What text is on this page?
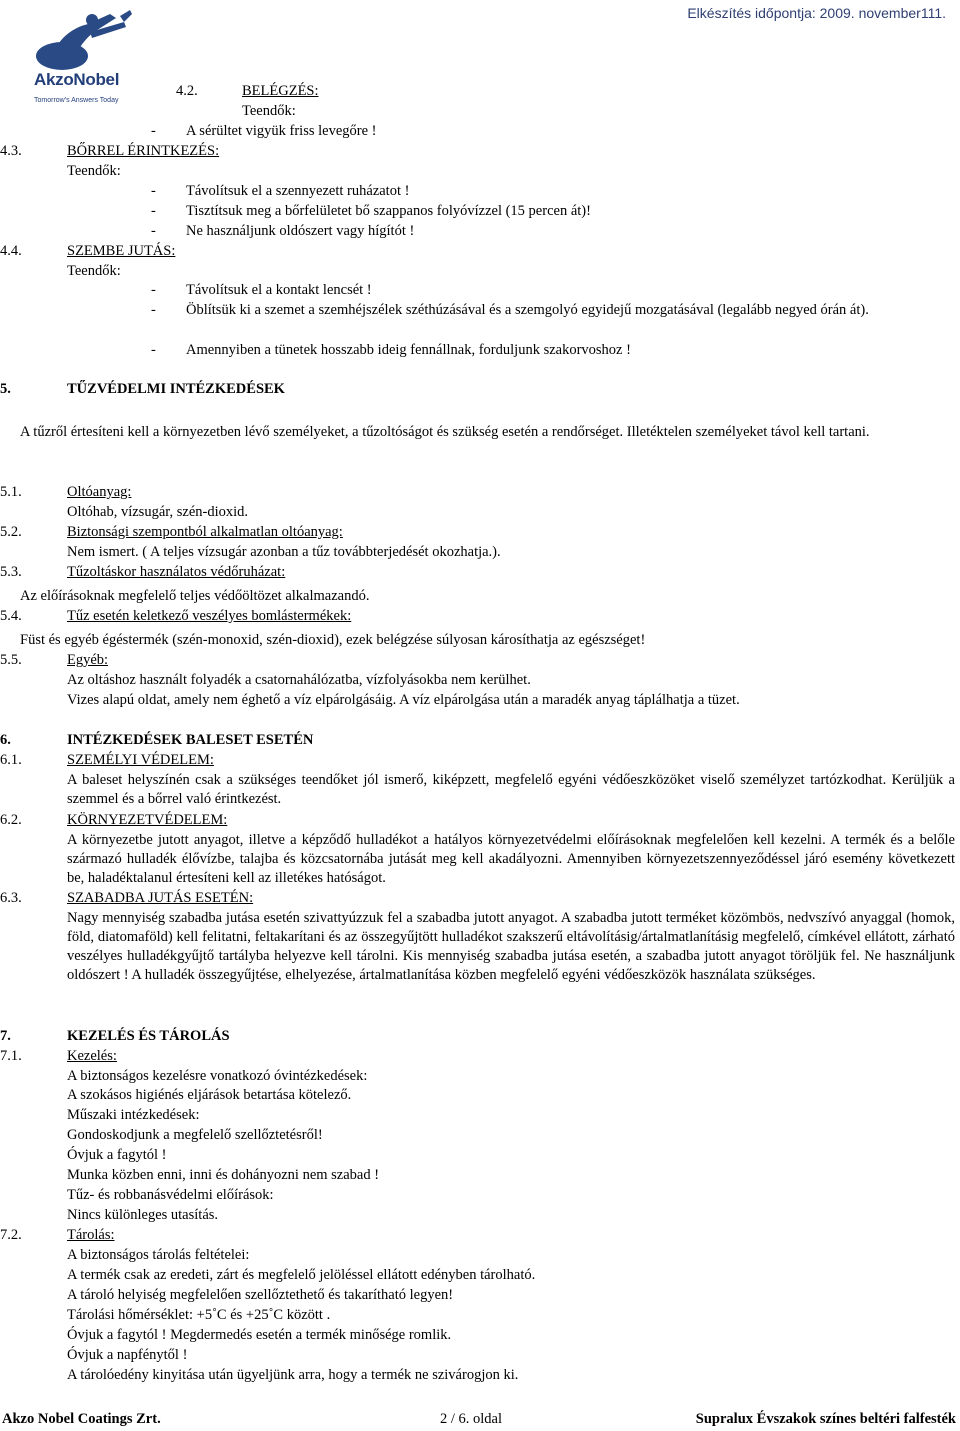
Elkészítés időpontja: 2009. november111.
AkzoNobel
Tomorrow's Answers Today
4.2.	BELÉGZÉS:
Teendők:
- A sérültet vigyük friss levegőre !
4.3.	BŐRREL ÉRINTKEZÉS:
Teendők:
- Távolítsuk el a szennyezett ruházatot !
- Tisztítsuk meg a bőrfelületet bő szappanos folyóvízzel (15 percen át)!
- Ne használjunk oldószert vagy hígítót !
4.4.	SZEMBE JUTÁS:
Teendők:
- Távolítsuk el a kontakt lencsét !
- Öblítsük ki a szemet a szemhéjszélek széthúzásával és a szemgolyó egyidejű mozgatásával (legalább negyed órán át).
- Amennyiben a tünetek hosszabb ideig fennállnak, forduljunk szakorvoshoz !
5.	TŰZVÉDELMI INTÉZKEDÉSEK
A tűzről értesíteni kell a környezetben lévő személyeket, a tűzoltóságot és szükség esetén a rendőrséget. Illetéktelen személyeket távol kell tartani.
5.1.	Oltóanyag:
Oltóhab, vízsugár, szén-dioxid.
5.2.	Biztonsági szempontból alkalmatlan oltóanyag:
Nem ismert. ( A teljes vízsugár azonban a tűz továbbterjedését okozhatja.).
5.3.	Tűzoltáskor használatos védőruházat:
Az előírásoknak megfelelő teljes védőöltözet alkalmazandó.
5.4.	Tűz esetén keletkező veszélyes bomlástermékek:
Füst és egyéb égéstermék (szén-monoxid, szén-dioxid), ezek belégzése súlyosan károsíthatja az egészséget!
5.5.	Egyéb:
Az oltáshoz használt folyadék a csatornahálózatba, vízfolyásokba nem kerülhet.
Vizes alapú oldat, amely nem éghető a víz elpárolgásáig. A víz elpárolgása után a maradék anyag táplálhatja a tüzet.
6.	INTÉZKEDÉSEK BALESET ESETÉN
6.1.	SZEMÉLYI VÉDELEM:
A baleset helyszínén csak a szükséges teendőket jól ismerő, kiképzett, megfelelő egyéni védőeszközöket viselő személyzet tartózkodhat. Kerüljük a szemmel és a bőrrel való érintkezést.
6.2.	KÖRNYEZETVÉDELEM:
A környezetbe jutott anyagot, illetve a képződő hulladékot a hatályos környezetvédelmi előírásoknak megfelelően kell kezelni. A termék és a belőle származó hulladék élővízbe, talajba és közcsatornába jutását meg kell akadályozni. Amennyiben környezetszennyeződéssel járó esemény következett be, haladéktalanul értesíteni kell az illetékes hatóságot.
6.3.	SZABADBA JUTÁS ESETÉN:
Nagy mennyiség szabadba jutása esetén szivattyúzzuk fel a szabadba jutott anyagot. A szabadba jutott terméket közömbös, nedvszívó anyaggal (homok, föld, diatomaföld) kell felitatni, feltakarítani és az összegyűjtött hulladékot szakszerű eltávolításig/ártalmatlanításig megfelelő, címkével ellátott, zárható veszélyes hulladékgyűjtő tartályba helyezve kell tárolni. Kis mennyiség szabadba jutása esetén, a szabadba jutott anyagot töröljük fel. Ne használjunk oldószert ! A hulladék összegyűjtése, elhelyezése, ártalmatlanítása közben megfelelő egyéni védőeszközök használata szükséges.
7.	KEZELÉS ÉS TÁROLÁS
7.1.	Kezelés:
A biztonságos kezelésre vonatkozó óvintézkedések:
A szokásos higiénés eljárások betartása kötelező.
Műszaki intézkedések:
Gondoskodjunk a megfelelő szellőztetésről!
Óvjuk a fagytól !
Munka közben enni, inni és dohányozni nem szabad !
Tűz- és robbanásvédelmi előírások:
Nincs különleges utasítás.
7.2.	Tárolás:
A biztonságos tárolás feltételei:
A termék csak az eredeti, zárt és megfelelő jelöléssel ellátott edényben tárolható.
A tároló helyiség megfelelően szellőztethető és takarítható legyen!
Tárolási hőmérséklet: +5˚C és +25˚C között .
Óvjuk a fagytól ! Megdermedés esetén a termék minősége romlik.
Óvjuk a napfénytől !
A tárolóedény kinyitása után ügyeljünk arra, hogy a termék ne szivárogjon ki.
Akzo Nobel Coatings Zrt.	2 / 6. oldal	Supralux Évszakok színes beltéri falfesték
